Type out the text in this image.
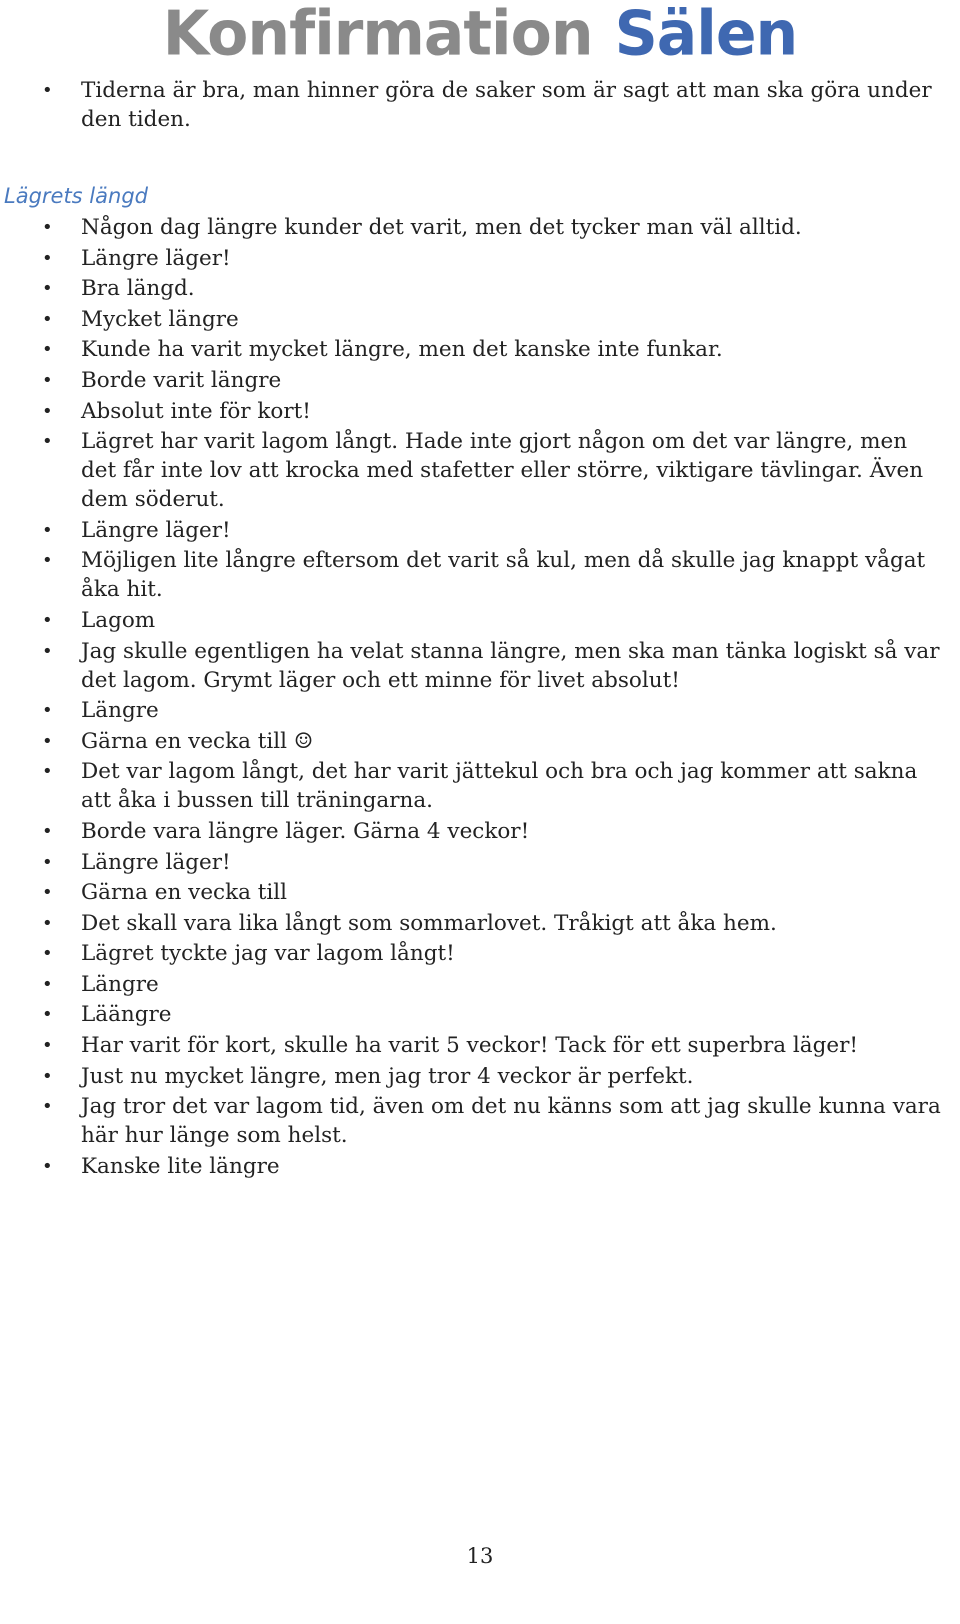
Konfirmation Sälen
• Tiderna är bra, man hinner göra de saker som är sagt att man ska göra under den tiden.
Lägrets längd
• Någon dag längre kunder det varit, men det tycker man väl alltid.
• Längre läger!
• Bra längd.
• Mycket längre
• Kunde ha varit mycket längre, men det kanske inte funkar.
• Borde varit längre
• Absolut inte för kort!
• Lägret har varit lagom långt. Hade inte gjort någon om det var längre, men det får inte lov att krocka med stafetter eller större, viktigare tävlingar. Även dem söderut.
• Längre läger!
• Möjligen lite långre eftersom det varit så kul, men då skulle jag knappt vågat åka hit.
• Lagom
• Jag skulle egentligen ha velat stanna längre, men ska man tänka logiskt så var det lagom. Grymt läger och ett minne för livet absolut!
• Längre
• Gärna en vecka till ☺
• Det var lagom långt, det har varit jättekul och bra och jag kommer att sakna att åka i bussen till träningarna.
• Borde vara längre läger. Gärna 4 veckor!
• Längre läger!
• Gärna en vecka till
• Det skall vara lika långt som sommarlovet. Tråkigt att åka hem.
• Lägret tyckte jag var lagom långt!
• Längre
• Läängre
• Har varit för kort, skulle ha varit 5 veckor! Tack för ett superbra läger!
• Just nu mycket längre, men jag tror 4 veckor är perfekt.
• Jag tror det var lagom tid, även om det nu känns som att jag skulle kunna vara här hur länge som helst.
• Kanske lite längre
13
